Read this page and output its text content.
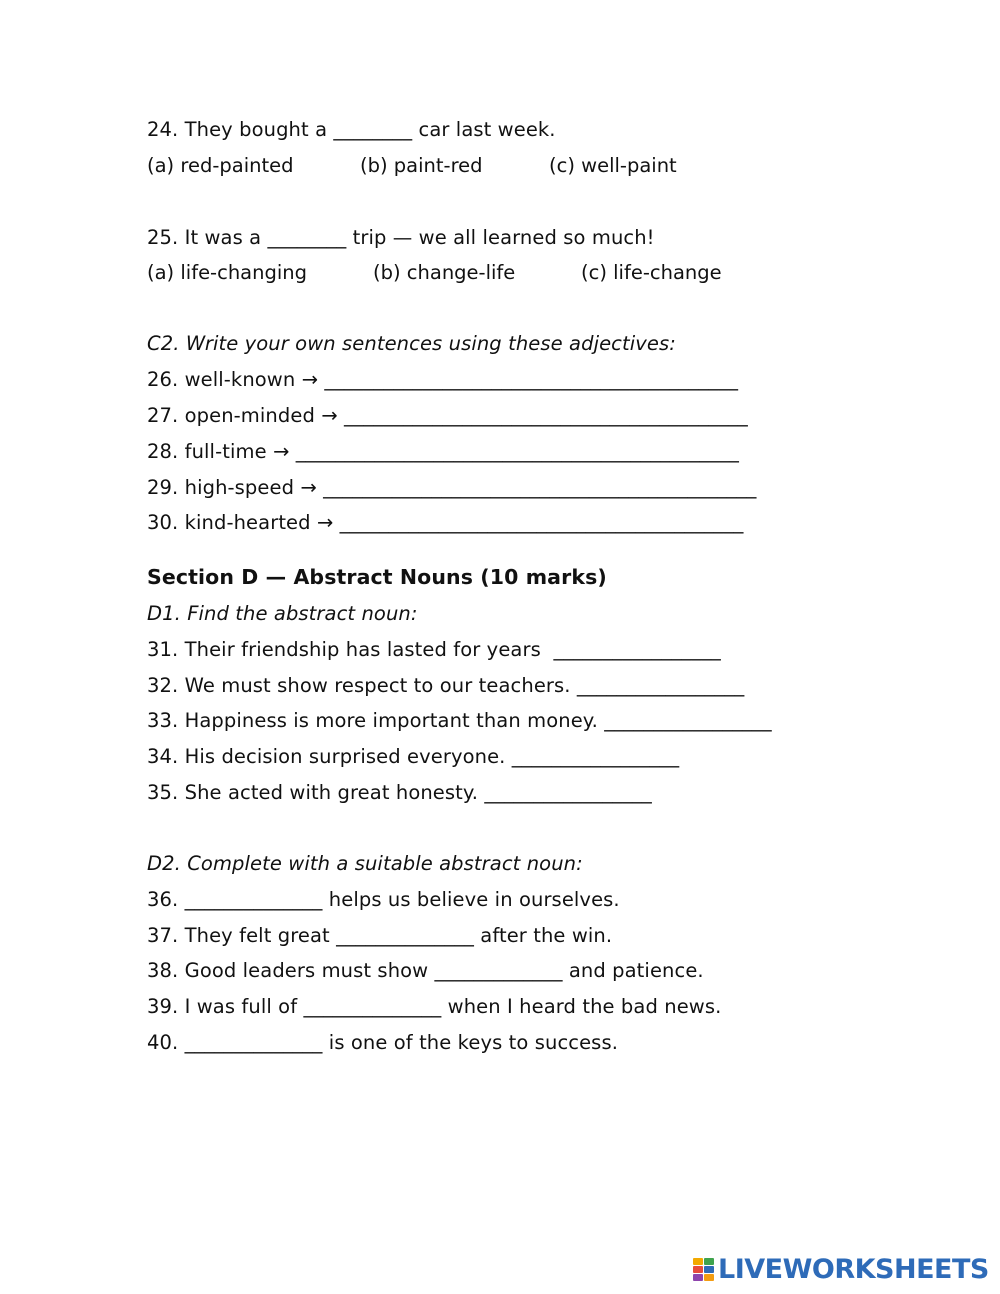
24. They bought a ________ car last week.
(a) red-painted	(b) paint-red	(c) well-paint
25. It was a ________ trip — we all learned so much!
(a) life-changing	(b) change-life	(c) life-change
C2. Write your own sentences using these adjectives:
26. well-known → __________________________________________
27. open-minded → _________________________________________
28. full-time → _____________________________________________
29. high-speed → ____________________________________________
30. kind-hearted → _________________________________________
Section D — Abstract Nouns (10 marks)
D1. Find the abstract noun:
31. Their friendship has lasted for years  _________________
32. We must show respect to our teachers. _________________
33. Happiness is more important than money. _________________
34. His decision surprised everyone. _________________
35. She acted with great honesty. _________________
D2. Complete with a suitable abstract noun:
36. ______________ helps us believe in ourselves.
37. They felt great ______________ after the win.
38. Good leaders must show _____________ and patience.
39. I was full of ______________ when I heard the bad news.
40. ______________ is one of the keys to success.
LIVEWORKSHEETS
